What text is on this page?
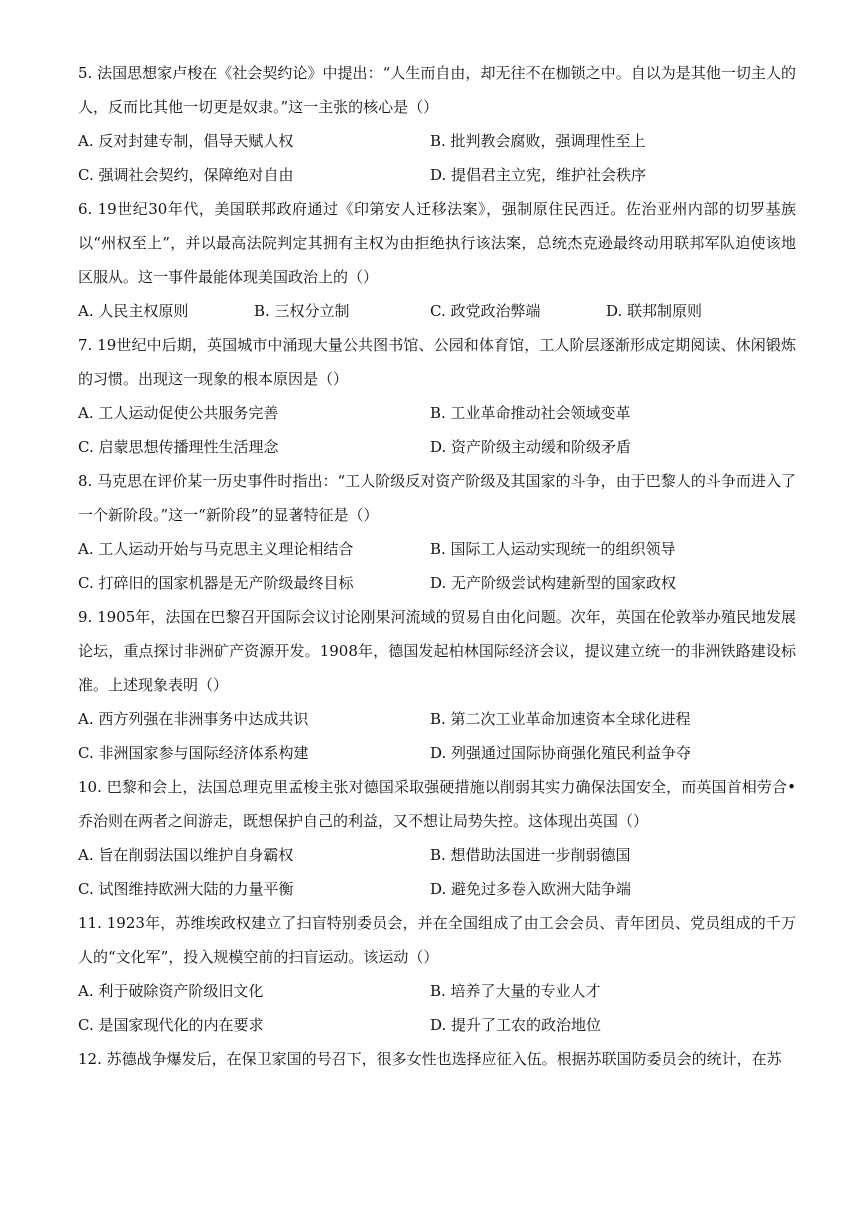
5. 法国思想家卢梭在《社会契约论》中提出：“人生而自由，却无往不在枷锁之中。自以为是其他一切主人的人，反而比其他一切更是奴隶。”这一主张的核心是（）

A. 反对封建专制，倡导天赋人权	B. 批判教会腐败，强调理性至上
C. 强调社会契约，保障绝对自由	D. 提倡君主立宪，维护社会秩序

6. 19世纪30年代，美国联邦政府通过《印第安人迁移法案》，强制原住民西迁。佐治亚州内部的切罗基族以“州权至上”，并以最高法院判定其拥有主权为由拒绝执行该法案，总统杰克逊最终动用联邦军队迫使该地区服从。这一事件最能体现美国政治上的（）

A. 人民主权原则	B. 三权分立制	C. 政党政治弊端	D. 联邦制原则

7. 19世纪中后期，英国城市中涌现大量公共图书馆、公园和体育馆，工人阶层逐渐形成定期阅读、休闲锻炼的习惯。出现这一现象的根本原因是（）

A. 工人运动促使公共服务完善	B. 工业革命推动社会领域变革
C. 启蒙思想传播理性生活理念	D. 资产阶级主动缓和阶级矛盾

8. 马克思在评价某一历史事件时指出：“工人阶级反对资产阶级及其国家的斗争，由于巴黎人的斗争而进入了一个新阶段。”这一“新阶段”的显著特征是（）

A. 工人运动开始与马克思主义理论相结合	B. 国际工人运动实现统一的组织领导
C. 打碎旧的国家机器是无产阶级最终目标	D. 无产阶级尝试构建新型的国家政权

9. 1905年，法国在巴黎召开国际会议讨论刚果河流域的贸易自由化问题。次年，英国在伦敦举办殖民地发展论坛，重点探讨非洲矿产资源开发。1908年，德国发起柏林国际经济会议，提议建立统一的非洲铁路建设标准。上述现象表明（）

A. 西方列强在非洲事务中达成共识	B. 第二次工业革命加速资本全球化进程
C. 非洲国家参与国际经济体系构建	D. 列强通过国际协商强化殖民利益争夺

10. 巴黎和会上，法国总理克里孟梭主张对德国采取强硬措施以削弱其实力确保法国安全，而英国首相劳合•乔治则在两者之间游走，既想保护自己的利益，又不想让局势失控。这体现出英国（）

A. 旨在削弱法国以维护自身霸权	B. 想借助法国进一步削弱德国
C. 试图维持欧洲大陆的力量平衡	D. 避免过多卷入欧洲大陆争端

11. 1923年，苏维埃政权建立了扫盲特别委员会，并在全国组成了由工会会员、青年团员、党员组成的千万人的“文化军”，投入规模空前的扫盲运动。该运动（）

A. 利于破除资产阶级旧文化	B. 培养了大量的专业人才
C. 是国家现代化的内在要求	D. 提升了工农的政治地位

12. 苏德战争爆发后，在保卫家国的号召下，很多女性也选择应征入伍。根据苏联国防委员会的统计，在苏
